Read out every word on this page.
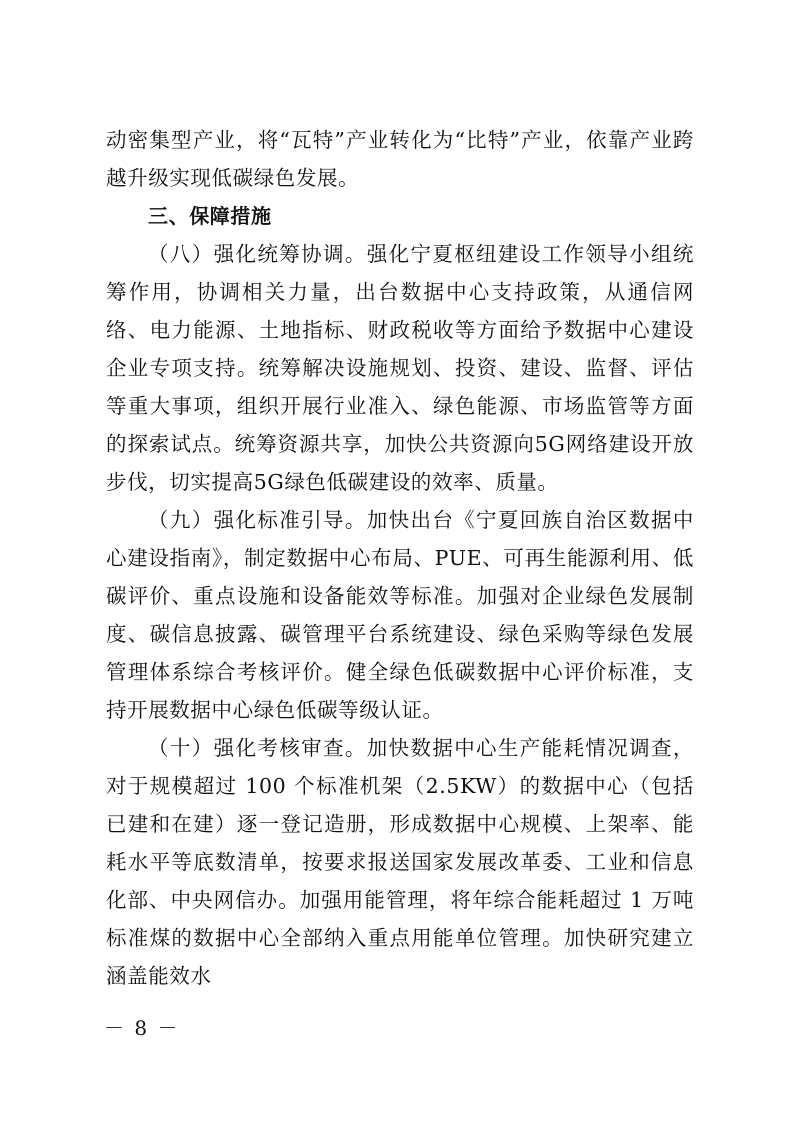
动密集型产业，将“瓦特”产业转化为“比特”产业，依靠产业跨越升级实现低碳绿色发展。

三、保障措施

（八）强化统筹协调。强化宁夏枢纽建设工作领导小组统筹作用，协调相关力量，出台数据中心支持政策，从通信网络、电力能源、土地指标、财政税收等方面给予数据中心建设企业专项支持。统筹解决设施规划、投资、建设、监督、评估等重大事项，组织开展行业准入、绿色能源、市场监管等方面的探索试点。统筹资源共享，加快公共资源向5G网络建设开放步伐，切实提高5G绿色低碳建设的效率、质量。

（九）强化标准引导。加快出台《宁夏回族自治区数据中心建设指南》，制定数据中心布局、PUE、可再生能源利用、低碳评价、重点设施和设备能效等标准。加强对企业绿色发展制度、碳信息披露、碳管理平台系统建设、绿色采购等绿色发展管理体系综合考核评价。健全绿色低碳数据中心评价标准，支持开展数据中心绿色低碳等级认证。

（十）强化考核审查。加快数据中心生产能耗情况调查，对于规模超过 100 个标准机架（2.5KW）的数据中心（包括已建和在建）逐一登记造册，形成数据中心规模、上架率、能耗水平等底数清单，按要求报送国家发展改革委、工业和信息化部、中央网信办。加强用能管理，将年综合能耗超过 1 万吨标准煤的数据中心全部纳入重点用能单位管理。加快研究建立涵盖能效水

－ 8 －
